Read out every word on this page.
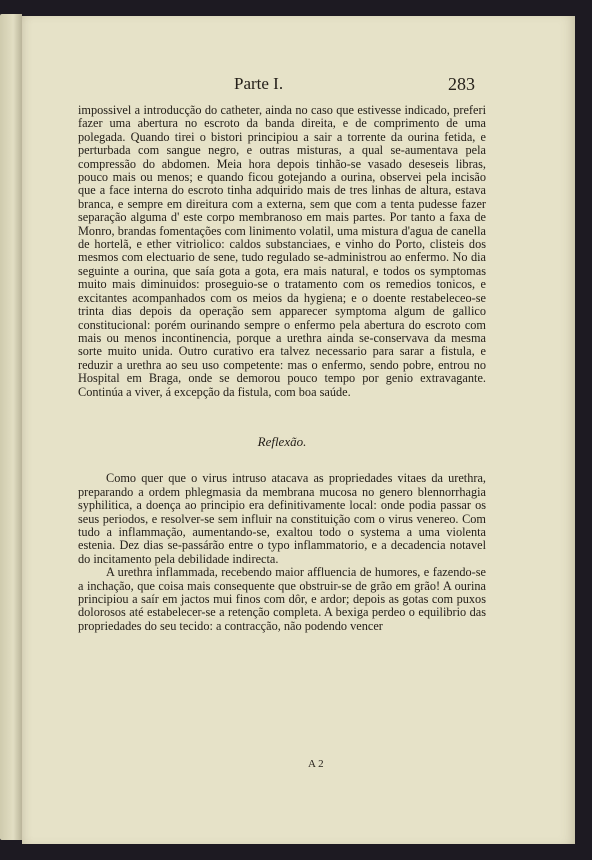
Parte I.	283

impossivel a introducção do catheter, ainda no caso que estivesse indicado, preferi fazer uma abertura no escroto da banda direita, e de comprimento de uma polegada. Quando tirei o bistori principiou a sair a torrente da ourina fetida, e perturbada com sangue negro, e outras misturas, a qual se-aumentava pela compressão do abdomen. Meia hora depois tinhão-se vasado deseseis libras, pouco mais ou menos; e quando ficou gotejando a ourina, observei pela incisão que a face interna do escroto tinha adquirido mais de tres linhas de altura, estava branca, e sempre em direitura com a externa, sem que com a tenta pudesse fazer separação alguma d' este corpo membranoso em mais partes. Por tanto a faxa de Monro, brandas fomentações com linimento volatil, uma mistura d'agua de canella de hortelã, e ether vitriolico: caldos substanciaes, e vinho do Porto, clisteis dos mesmos com electuario de sene, tudo regulado se-administrou ao enfermo. No dia seguinte a ourina, que saía gota a gota, era mais natural, e todos os symptomas muito mais diminuidos: proseguio-se o tratamento com os remedios tonicos, e excitantes acompanhados com os meios da hygiena; e o doente restabeleceo-se trinta dias depois da operação sem apparecer symptoma algum de gallico constitucional: porém ourinando sempre o enfermo pela abertura do escroto com mais ou menos incontinencia, porque a urethra ainda se-conservava da mesma sorte muito unida. Outro curativo era talvez necessario para sarar a fistula, e reduzir a urethra ao seu uso competente: mas o enfermo, sendo pobre, entrou no Hospital em Braga, onde se demorou pouco tempo por genio extravagante. Continúa a viver, á excepção da fistula, com boa saúde.

Reflexão.

Como quer que o virus intruso atacava as propriedades vitaes da urethra, preparando a ordem phlegmasia da membrana mucosa no genero blennorrhagia syphilitica, a doença ao principio era definitivamente local: onde podia passar os seus periodos, e resolver-se sem influir na constituição com o virus venereo. Com tudo a inflammação, aumentando-se, exaltou todo o systema a uma violenta estenia. Dez dias se-passárão entre o typo inflammatorio, e a decadencia notavel do incitamento pela debilidade indirecta.

A urethra inflammada, recebendo maior affluencia de humores, e fazendo-se a inchação, que coisa mais consequente que obstruir-se de grão em grão! A ourina principiou a saír em jactos mui finos com dôr, e ardor; depois as gotas com puxos dolorosos até estabelecer-se a retenção completa. A bexiga perdeo o equilibrio das propriedades do seu tecido: a contracção, não podendo vencer

A 2
